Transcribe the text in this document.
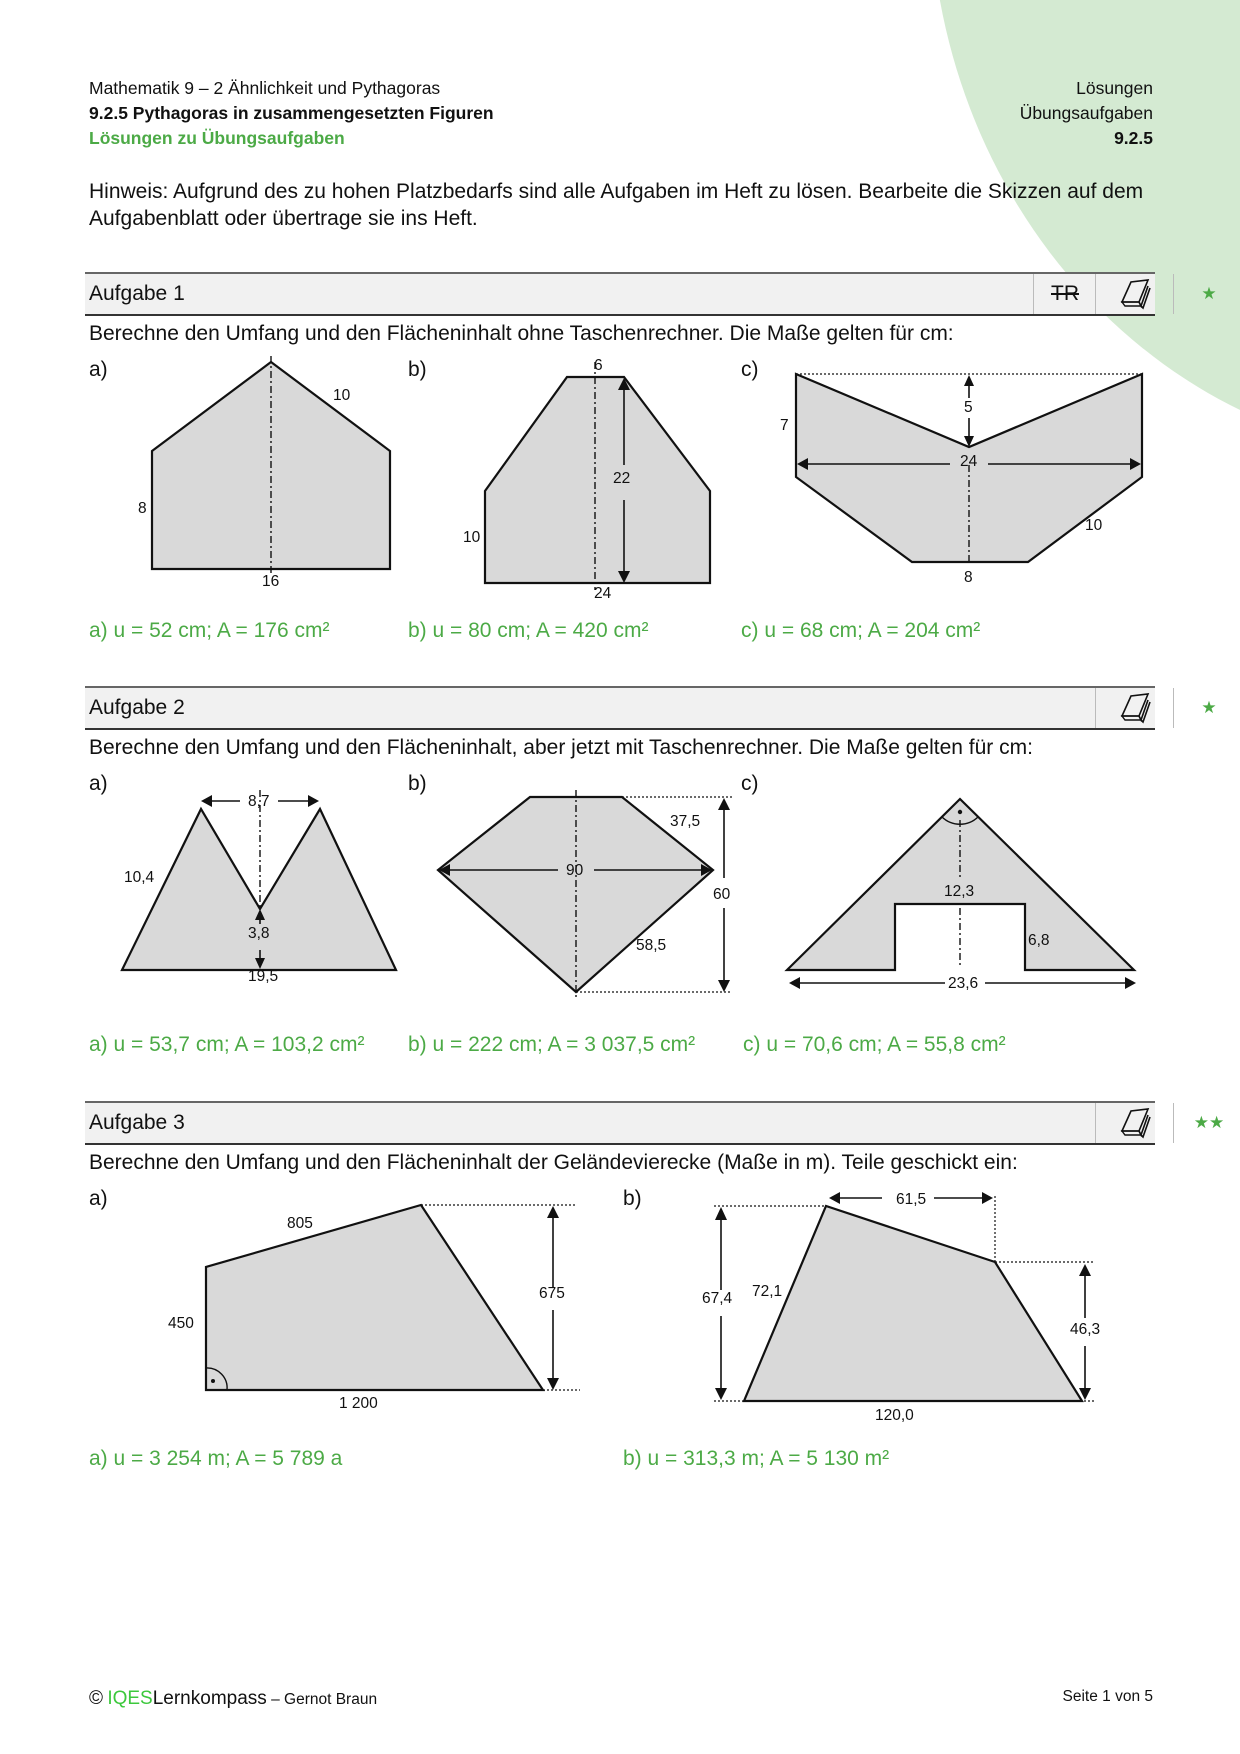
Mathematik 9 – 2 Ähnlichkeit und Pythagoras
9.2.5 Pythagoras in zusammengesetzten Figuren
Lösungen zu Übungsaufgaben
Lösungen
Übungsaufgaben
9.2.5
Hinweis: Aufgrund des zu hohen Platzbedarfs sind alle Aufgaben im Heft zu lösen. Bearbeite die Skizzen auf dem Aufgabenblatt oder übertrage sie ins Heft.
Aufgabe 1	TR	★
Berechne den Umfang und den Flächeninhalt ohne Taschenrechner. Die Maße gelten für cm:
a)	b)	c)
10
8
16
6
22
10
24
5
7
24
10
8
8,7
10,4
3,8
19,5
37,5
90
60
58,5
12,3
6,8
23,6
805
675
450
1 200
61,5
67,4 72,1
46,3
120,0
a) u = 52 cm; A = 176 cm²	b) u = 80 cm; A = 420 cm²	c) u = 68 cm; A = 204 cm²
Aufgabe 2	★
Berechne den Umfang und den Flächeninhalt, aber jetzt mit Taschenrechner. Die Maße gelten für cm:
a)	b)	c)
a) u = 53,7 cm; A = 103,2 cm² b) u = 222 cm; A = 3 037,5 cm² c) u = 70,6 cm; A = 55,8 cm²
Aufgabe 3	★★
Berechne den Umfang und den Flächeninhalt der Geländevierecke (Maße in m). Teile geschickt ein:
a)	b)
a) u = 3 254 m; A = 5 789 a	b) u = 313,3 m; A = 5 130 m²
© IQESLernkompass – Gernot Braun	Seite 1 von 5
